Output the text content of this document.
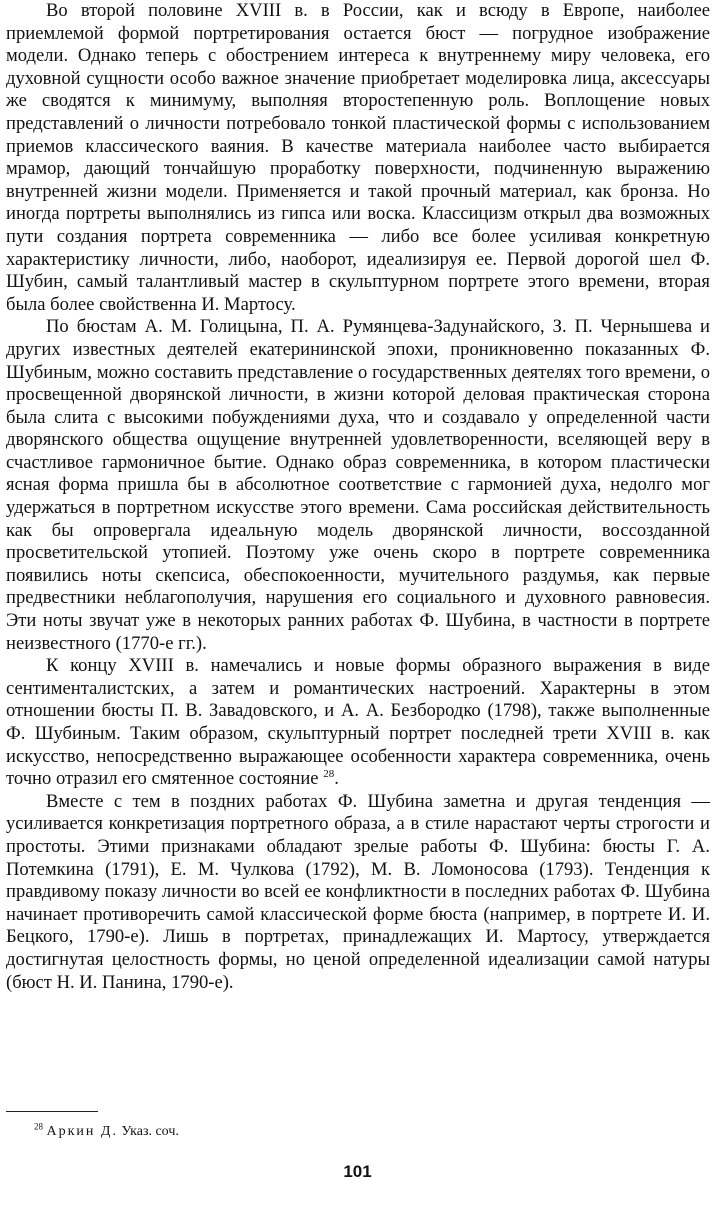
Во второй половине XVIII в. в России, как и всюду в Европе, наиболее приемлемой формой портретирования остается бюст — погрудное изображение модели. Однако теперь с обострением интереса к внутреннему миру человека, его духовной сущности особо важное значение приобретает моделировка лица, аксессуары же сводятся к минимуму, выполняя второстепенную роль. Воплощение новых представлений о личности потребовало тонкой пластической формы с использованием приемов классического ваяния. В качестве материала наиболее часто выбирается мрамор, дающий тончайшую проработку поверхности, подчиненную выражению внутренней жизни модели. Применяется и такой прочный материал, как бронза. Но иногда портреты выполнялись из гипса или воска. Классицизм открыл два возможных пути создания портрета современника — либо все более усиливая конкретную характеристику личности, либо, наоборот, идеализируя ее. Первой дорогой шел Ф. Шубин, самый талантливый мастер в скульптурном портрете этого времени, вторая была более свойственна И. Мартосу.

По бюстам А. М. Голицына, П. А. Румянцева-Задунайского, З. П. Чернышева и других известных деятелей екатерининской эпохи, проникновенно показанных Ф. Шубиным, можно составить представление о государственных деятелях того времени, о просвещенной дворянской личности, в жизни которой деловая практическая сторона была слита с высокими побуждениями духа, что и создавало у определенной части дворянского общества ощущение внутренней удовлетворенности, вселяющей веру в счастливое гармоничное бытие. Однако образ современника, в котором пластически ясная форма пришла бы в абсолютное соответствие с гармонией духа, недолго мог удержаться в портретном искусстве этого времени. Сама российская действительность как бы опровергала идеальную модель дворянской личности, воссозданной просветительской утопией. Поэтому уже очень скоро в портрете современника появились ноты скепсиса, обеспокоенности, мучительного раздумья, как первые предвестники неблагополучия, нарушения его социального и духовного равновесия. Эти ноты звучат уже в некоторых ранних работах Ф. Шубина, в частности в портрете неизвестного (1770-е гг.).

К концу XVIII в. намечались и новые формы образного выражения в виде сентименталистских, а затем и романтических настроений. Характерны в этом отношении бюсты П. В. Завадовского, и А. А. Безбородко (1798), также выполненные Ф. Шубиным. Таким образом, скульптурный портрет последней трети XVIII в. как искусство, непосредственно выражающее особенности характера современника, очень точно отразил его смятенное состояние $^{28}$.

Вместе с тем в поздних работах Ф. Шубина заметна и другая тенденция — усиливается конкретизация портретного образа, а в стиле нарастают черты строгости и простоты. Этими признаками обладают зрелые работы Ф. Шубина: бюсты Г. А. Потемкина (1791), Е. М. Чулкова (1792), М. В. Ломоносова (1793). Тенденция к правдивому показу личности во всей ее конфликтности в последних работах Ф. Шубина начинает противоречить самой классической форме бюста (например, в портрете И. И. Бецкого, 1790-е). Лишь в портретах, принадлежащих И. Мартосу, утверждается достигнутая целостность формы, но ценой определенной идеализации самой натуры (бюст Н. И. Панина, 1790-е).

$^{28}$ Аркин Д. Указ. соч.

101
